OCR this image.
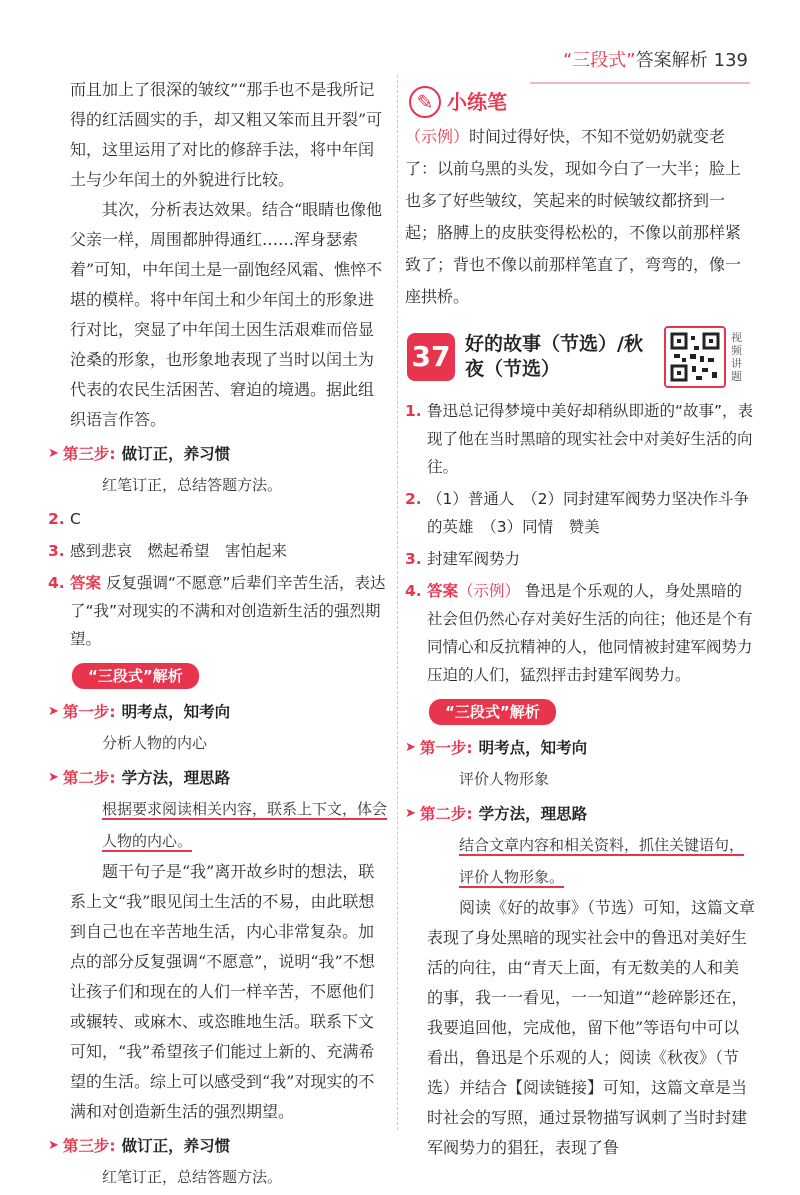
“三段式”答案解析 139

而且加上了很深的皱纹”“那手也不是我所记得的红活圆实的手，却又粗又笨而且开裂”可知，这里运用了对比的修辞手法，将中年闰土与少年闰土的外貌进行比较。

其次，分析表达效果。结合“眼睛也像他父亲一样，周围都肿得通红……浑身瑟索着”可知，中年闰土是一副饱经风霜、憔悴不堪的模样。将中年闰土和少年闰土的形象进行对比，突显了中年闰土因生活艰难而倍显沧桑的形象，也形象地表现了当时以闰土为代表的农民生活困苦、窘迫的境遇。据此组织语言作答。

➤ 第三步: 做订正，养习惯

红笔订正，总结答题方法。

2. C
3. 感到悲哀　燃起希望　害怕起来
4. 答案 反复强调“不愿意”后辈们辛苦生活，表达了“我”对现实的不满和对创造新生活的强烈期望。
“三段式”解析
➤ 第一步: 明考点，知考向

分析人物的内心

➤ 第二步: 学方法，理思路

根据要求阅读相关内容，联系上下文，体会人物的内心。

题干句子是“我”离开故乡时的想法，联系上文“我”眼见闰土生活的不易，由此联想到自己也在辛苦地生活，内心非常复杂。加点的部分反复强调“不愿意”，说明“我”不想让孩子们和现在的人们一样辛苦，不愿他们或辗转、或麻木、或恣睢地生活。联系下文可知，“我”希望孩子们能过上新的、充满希望的生活。综上可以感受到“我”对现实的不满和对创造新生活的强烈期望。

➤ 第三步: 做订正，养习惯

红笔订正，总结答题方法。

✎ 小练笔

（示例）时间过得好快，不知不觉奶奶就变老了：以前乌黑的头发，现如今白了一大半；脸上也多了好些皱纹，笑起来的时候皱纹都挤到一起；胳膊上的皮肤变得松松的，不像以前那样紧致了；背也不像以前那样笔直了，弯弯的，像一座拱桥。

37 好的故事（节选）/秋夜（节选）
视频讲题
1. 鲁迅总记得梦境中美好却稍纵即逝的“故事”，表现了他在当时黑暗的现实社会中对美好生活的向往。
2. （1）普通人　（2）同封建军阀势力坚决作斗争的英雄　（3）同情　赞美
3. 封建军阀势力
4. 答案（示例） 鲁迅是个乐观的人，身处黑暗的社会但仍然心存对美好生活的向往；他还是个有同情心和反抗精神的人，他同情被封建军阀势力压迫的人们，猛烈抨击封建军阀势力。
“三段式”解析
➤ 第一步: 明考点，知考向

评价人物形象

➤ 第二步: 学方法，理思路

结合文章内容和相关资料，抓住关键语句，评价人物形象。

阅读《好的故事》（节选）可知，这篇文章表现了身处黑暗的现实社会中的鲁迅对美好生活的向往，由“青天上面，有无数美的人和美的事，我一一看见，一一知道”“趁碎影还在，我要追回他，完成他，留下他”等语句中可以看出，鲁迅是个乐观的人；阅读《秋夜》（节选）并结合【阅读链接】可知，这篇文章是当时社会的写照，通过景物描写讽刺了当时封建军阀势力的猖狂，表现了鲁
